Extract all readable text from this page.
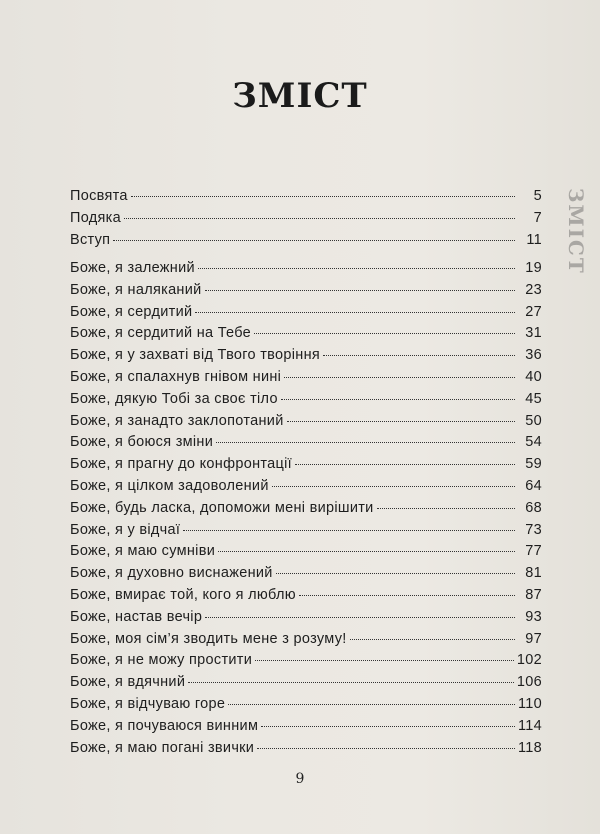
ЗМІСТ
ЗМІСТ
Посвята	5
Подяка	7
Вступ	11
Боже, я залежний	19
Боже, я наляканий	23
Боже, я сердитий	27
Боже, я сердитий на Тебе	31
Боже, я у захваті від Твого творіння	36
Боже, я спалахнув гнівом нині	40
Боже, дякую Тобі за своє тіло	45
Боже, я занадто заклопотаний	50
Боже, я боюся зміни	54
Боже, я прагну до конфронтації	59
Боже, я цілком задоволений	64
Боже, будь ласка, допоможи мені вирішити	68
Боже, я у відчаї	73
Боже, я маю сумніви	77
Боже, я духовно виснажений	81
Боже, вмирає той, кого я люблю	87
Боже, настав вечір	93
Боже, моя сім’я зводить мене з розуму!	97
Боже, я не можу простити	102
Боже, я вдячний	106
Боже, я відчуваю горе	110
Боже, я почуваюся винним	114
Боже, я маю погані звички	118
9
